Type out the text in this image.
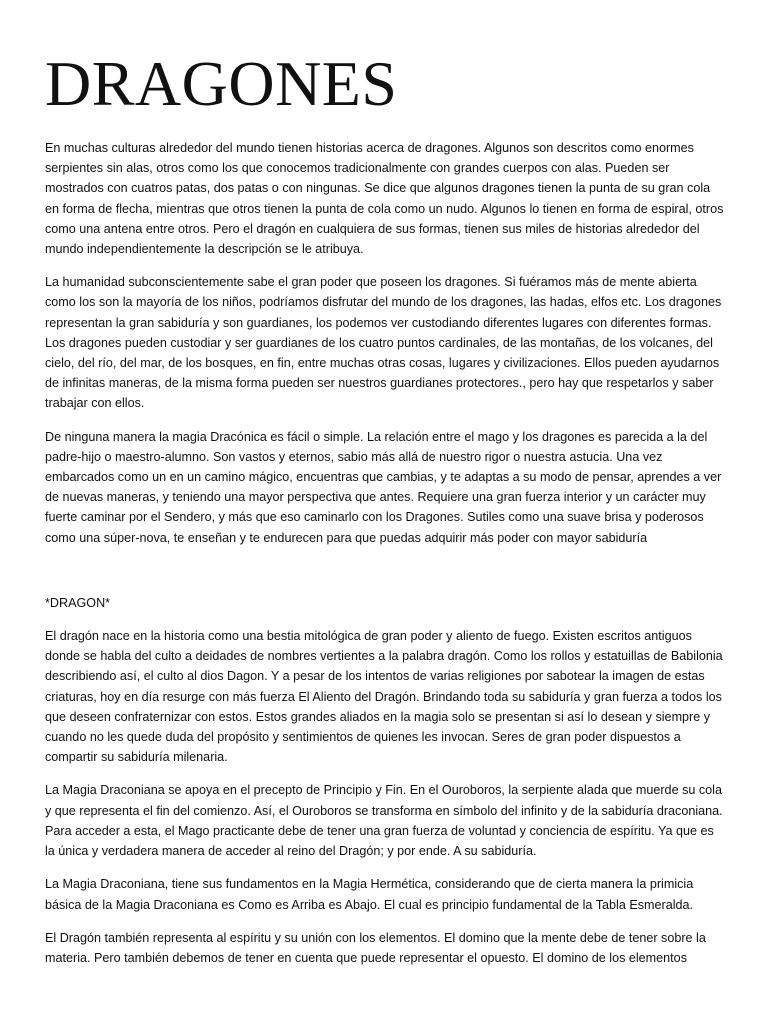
DRAGONES

En muchas culturas alrededor del mundo tienen historias acerca de dragones. Algunos son descritos como enormes serpientes sin alas, otros como los que conocemos tradicionalmente con grandes cuerpos con alas. Pueden ser mostrados con cuatros patas, dos patas o con ningunas. Se dice que algunos dragones tienen la punta de su gran cola en forma de flecha, mientras que otros tienen la punta de cola como un nudo. Algunos lo tienen en forma de espiral, otros como una antena entre otros. Pero el dragón en cualquiera de sus formas, tienen sus miles de historias alrededor del mundo independientemente la descripción se le atribuya.

La humanidad subconscientemente sabe el gran poder que poseen los dragones. Si fuéramos más de mente abierta como los son la mayoría de los niños, podríamos disfrutar del mundo de los dragones, las hadas, elfos etc. Los dragones representan la gran sabiduría y son guardianes, los podemos ver custodiando diferentes lugares con diferentes formas. Los dragones pueden custodiar y ser guardianes de los cuatro puntos cardinales, de las montañas, de los volcanes, del cielo, del río, del mar, de los bosques, en fin, entre muchas otras cosas, lugares y civilizaciones. Ellos pueden ayudarnos de infinitas maneras, de la misma forma pueden ser nuestros guardianes protectores., pero hay que respetarlos y saber trabajar con ellos.

De ninguna manera la magia Dracónica es fácil o simple. La relación entre el mago y los dragones es parecida a la del padre-hijo o maestro-alumno. Son vastos y eternos, sabio más allá de nuestro rigor o nuestra astucia. Una vez embarcados como un en un camino mágico, encuentras que cambias, y te adaptas a su modo de pensar, aprendes a ver de nuevas maneras, y teniendo una mayor perspectiva que antes. Requiere una gran fuerza interior y un carácter muy fuerte caminar por el Sendero, y más que eso caminarlo con los Dragones. Sutiles como una suave brisa y poderosos como una súper-nova, te enseñan y te endurecen para que puedas adquirir más poder con mayor sabiduría

*DRAGON*

El dragón nace en la historia como una bestia mitológica de gran poder y aliento de fuego. Existen escritos antiguos donde se habla del culto a deidades de nombres vertientes a la palabra dragón. Como los rollos y estatuillas de Babilonia describiendo así, el culto al dios Dagon. Y a pesar de los intentos de varias religiones por sabotear la imagen de estas criaturas, hoy en día resurge con más fuerza El Aliento del Dragón. Brindando toda su sabiduría y gran fuerza a todos los que deseen confraternizar con estos. Estos grandes aliados en la magia solo se presentan si así lo desean y siempre y cuando no les quede duda del propósito y sentimientos de quienes les invocan. Seres de gran poder dispuestos a compartir su sabiduría milenaria.

La Magia Draconiana se apoya en el precepto de Principio y Fin. En el Ouroboros, la serpiente alada que muerde su cola y que representa el fin del comienzo. Así, el Ouroboros se transforma en símbolo del infinito y de la sabiduría draconiana. Para acceder a esta, el Mago practicante debe de tener una gran fuerza de voluntad y conciencia de espíritu. Ya que es la única y verdadera manera de acceder al reino del Dragón; y por ende. A su sabiduría.

La Magia Draconiana, tiene sus fundamentos en la Magia Hermética, considerando que de cierta manera la primicia básica de la Magia Draconiana es Como es Arriba es Abajo. El cual es principio fundamental de la Tabla Esmeralda.

El Dragón también representa al espíritu y su unión con los elementos. El domino que la mente debe de tener sobre la materia. Pero también debemos de tener en cuenta que puede representar el opuesto. El domino de los elementos
